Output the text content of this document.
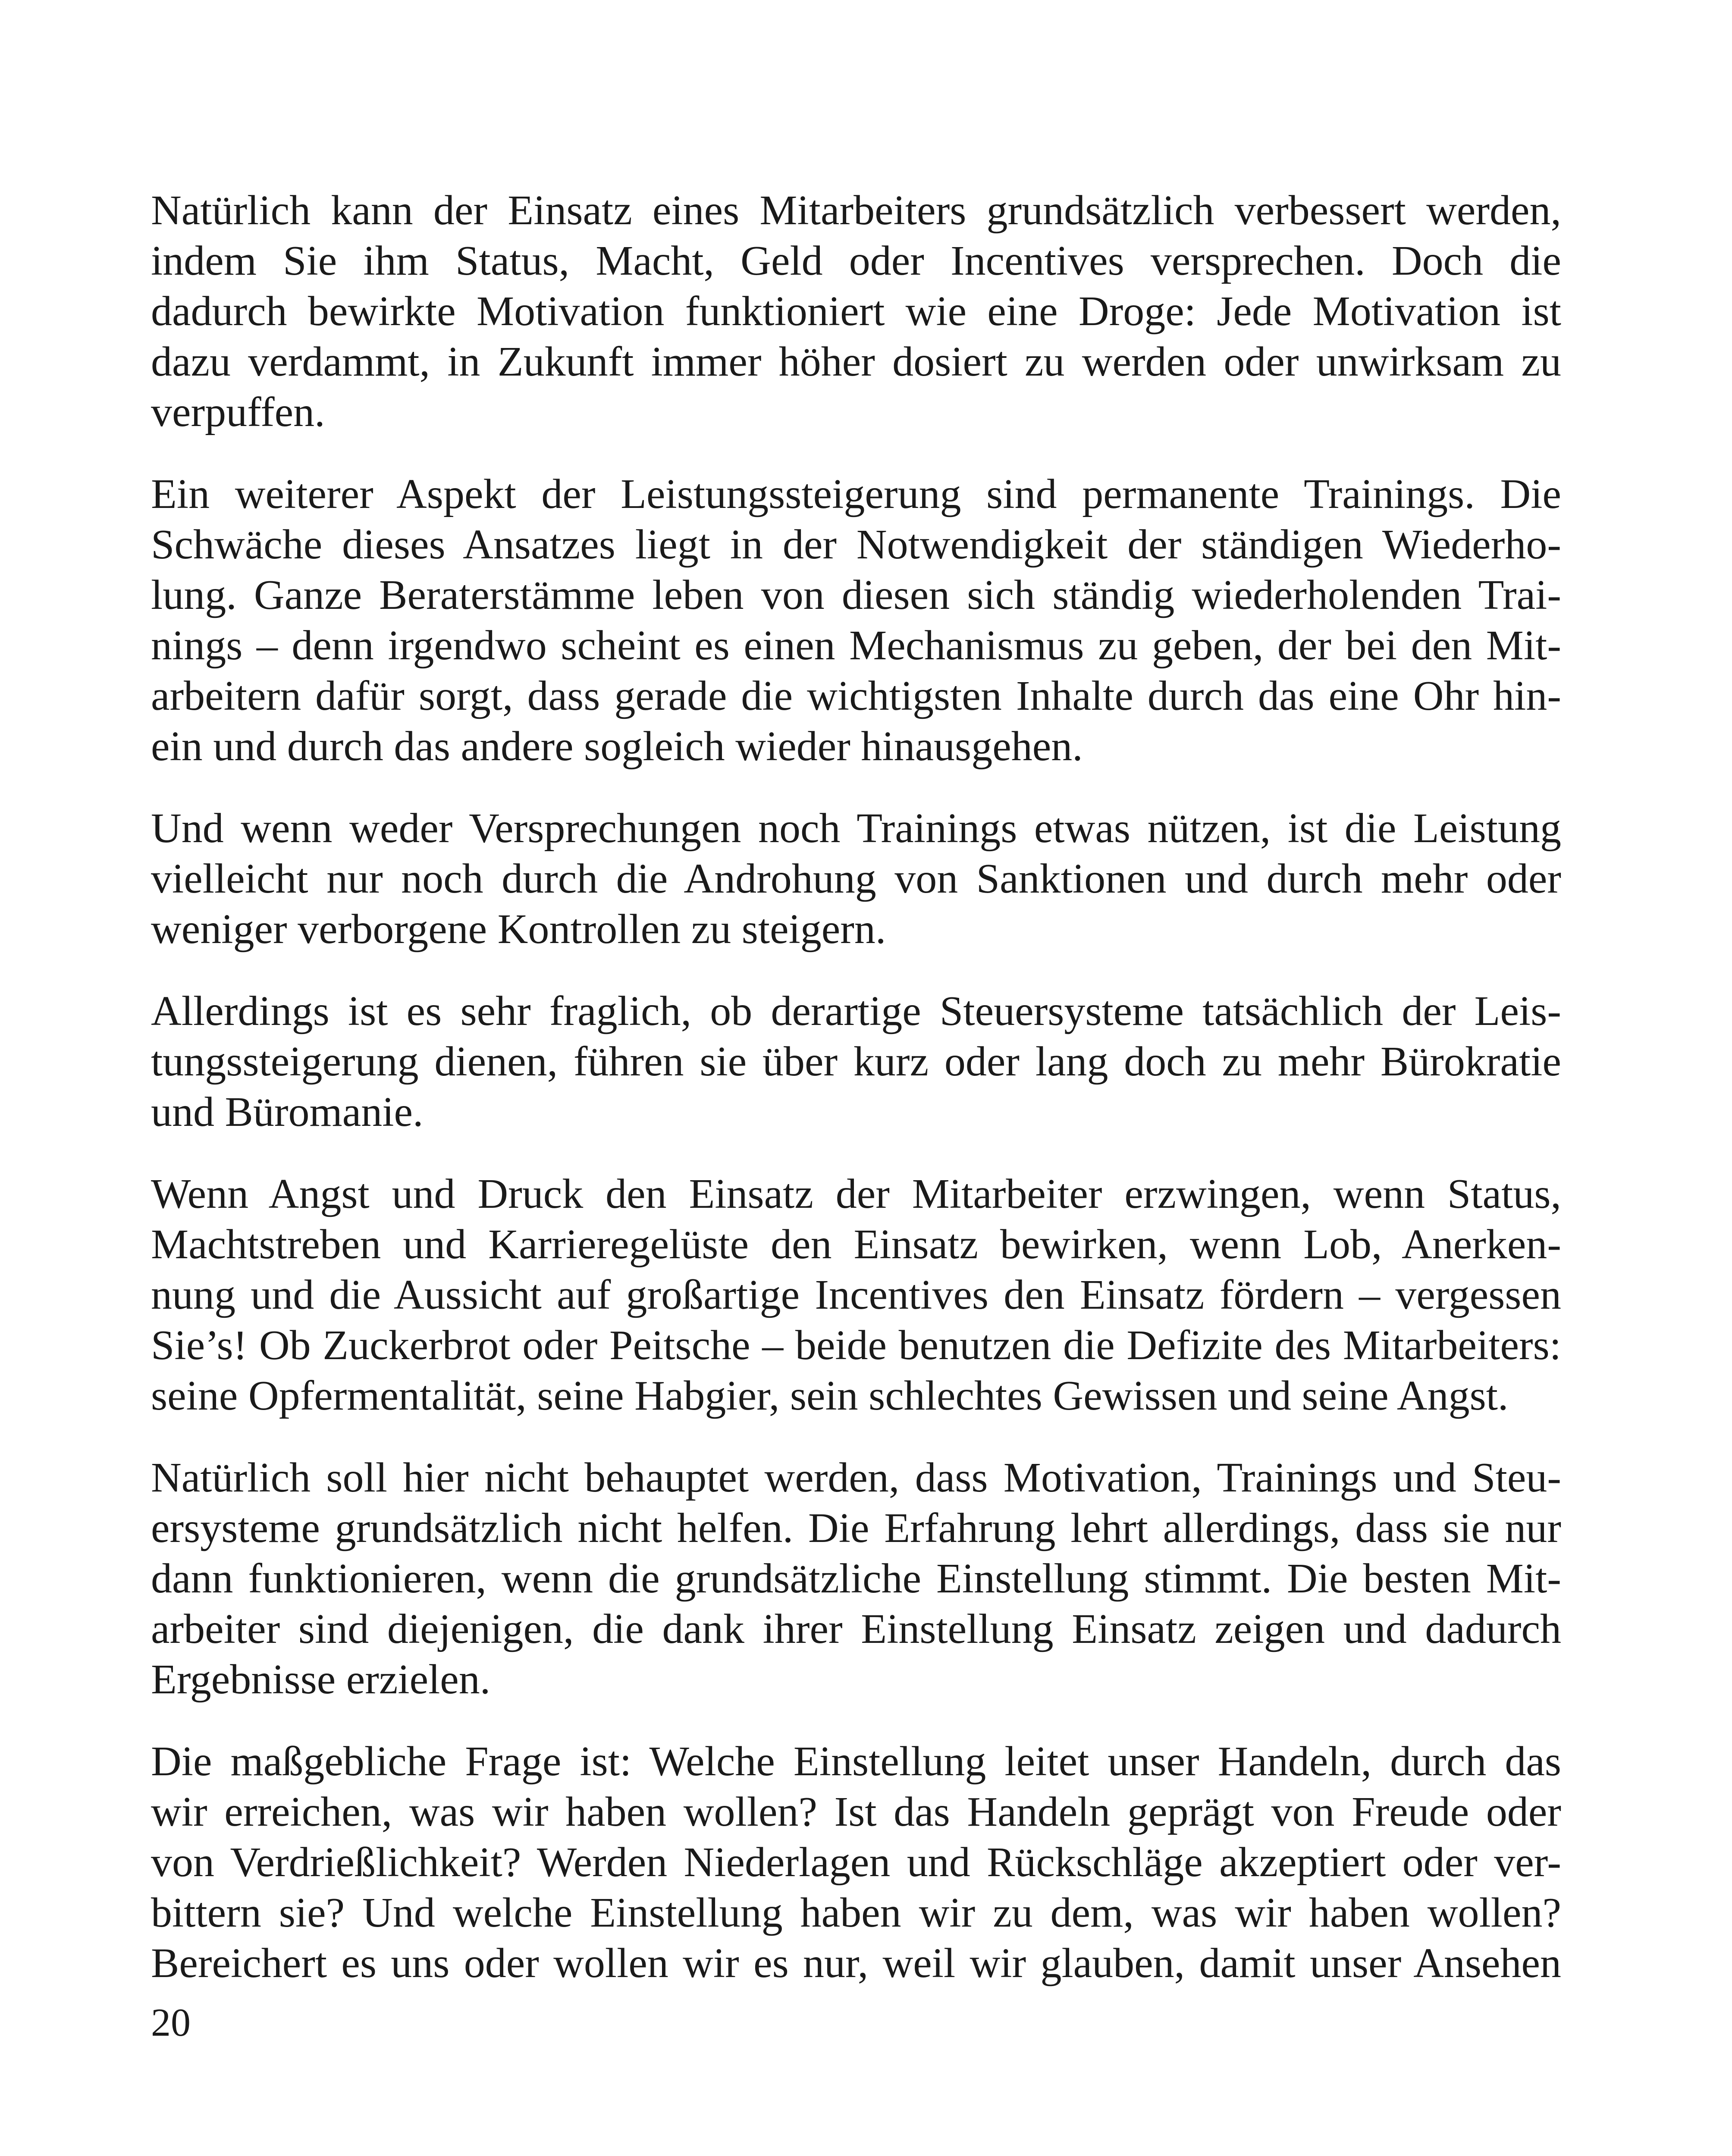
Natürlich kann der Einsatz eines Mitarbeiters grundsätzlich verbessert werden,
indem Sie ihm Status, Macht, Geld oder Incentives versprechen. Doch die
dadurch bewirkte Motivation funktioniert wie eine Droge: Jede Motivation ist
dazu verdammt, in Zukunft immer höher dosiert zu werden oder unwirksam zu
verpuffen.

Ein weiterer Aspekt der Leistungssteigerung sind permanente Trainings. Die
Schwäche dieses Ansatzes liegt in der Notwendigkeit der ständigen Wiederho-
lung. Ganze Beraterstämme leben von diesen sich ständig wiederholenden Trai-
nings – denn irgendwo scheint es einen Mechanismus zu geben, der bei den Mit-
arbeitern dafür sorgt, dass gerade die wichtigsten Inhalte durch das eine Ohr hin-
ein und durch das andere sogleich wieder hinausgehen.

Und wenn weder Versprechungen noch Trainings etwas nützen, ist die Leistung
vielleicht nur noch durch die Androhung von Sanktionen und durch mehr oder
weniger verborgene Kontrollen zu steigern.

Allerdings ist es sehr fraglich, ob derartige Steuersysteme tatsächlich der Leis-
tungssteigerung dienen, führen sie über kurz oder lang doch zu mehr Bürokratie
und Büromanie.

Wenn Angst und Druck den Einsatz der Mitarbeiter erzwingen, wenn Status,
Machtstreben und Karrieregelüste den Einsatz bewirken, wenn Lob, Anerken-
nung und die Aussicht auf großartige Incentives den Einsatz fördern – vergessen
Sie’s! Ob Zuckerbrot oder Peitsche – beide benutzen die Defizite des Mitarbeiters:
seine Opfermentalität, seine Habgier, sein schlechtes Gewissen und seine Angst.

Natürlich soll hier nicht behauptet werden, dass Motivation, Trainings und Steu-
ersysteme grundsätzlich nicht helfen. Die Erfahrung lehrt allerdings, dass sie nur
dann funktionieren, wenn die grundsätzliche Einstellung stimmt. Die besten Mit-
arbeiter sind diejenigen, die dank ihrer Einstellung Einsatz zeigen und dadurch
Ergebnisse erzielen.

Die maßgebliche Frage ist: Welche Einstellung leitet unser Handeln, durch das
wir erreichen, was wir haben wollen? Ist das Handeln geprägt von Freude oder
von Verdrießlichkeit? Werden Niederlagen und Rückschläge akzeptiert oder ver-
bittern sie? Und welche Einstellung haben wir zu dem, was wir haben wollen?
Bereichert es uns oder wollen wir es nur, weil wir glauben, damit unser Ansehen

20
